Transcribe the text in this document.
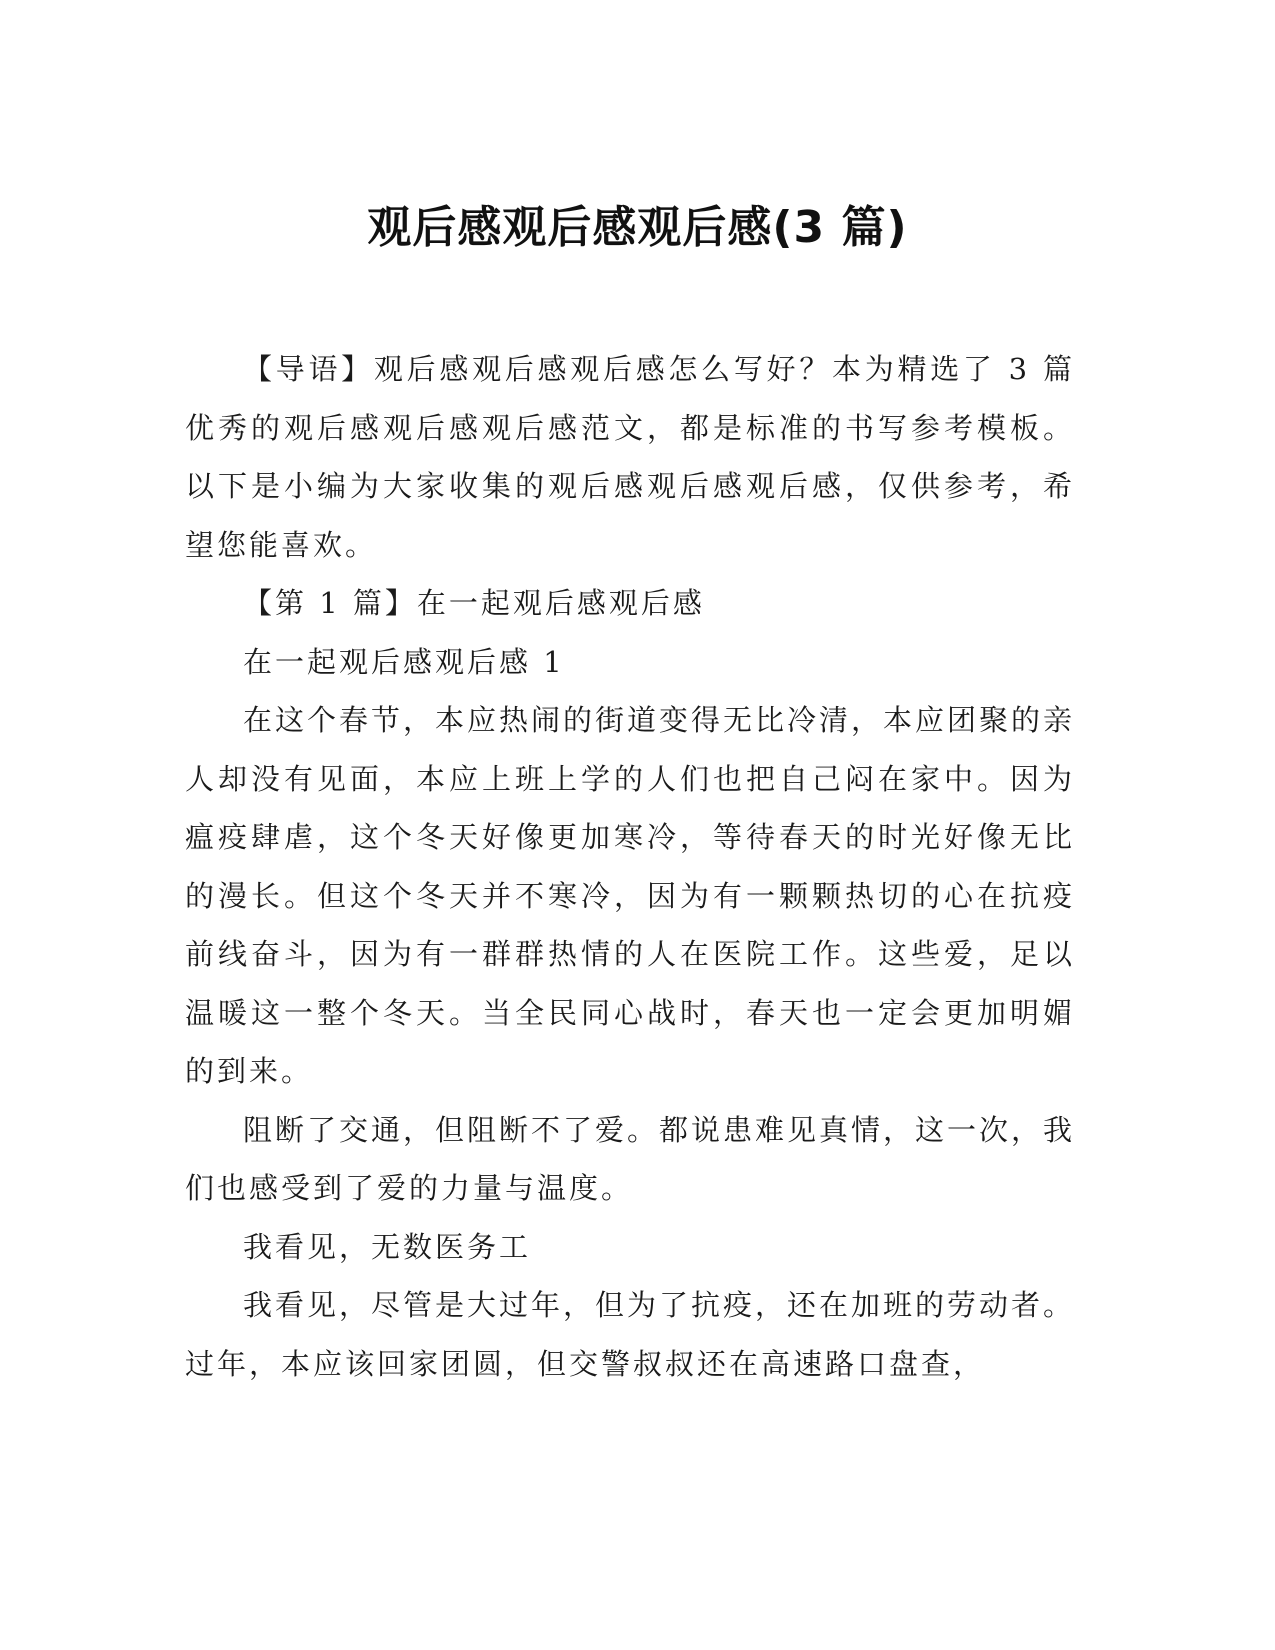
观后感观后感观后感(3 篇)

【导语】观后感观后感观后感怎么写好？本为精选了 3 篇优秀的观后感观后感观后感范文，都是标准的书写参考模板。以下是小编为大家收集的观后感观后感观后感，仅供参考，希望您能喜欢。

【第 1 篇】在一起观后感观后感

在一起观后感观后感 1

在这个春节，本应热闹的街道变得无比冷清，本应团聚的亲人却没有见面，本应上班上学的人们也把自己闷在家中。因为瘟疫肆虐，这个冬天好像更加寒冷，等待春天的时光好像无比的漫长。但这个冬天并不寒冷，因为有一颗颗热切的心在抗疫前线奋斗，因为有一群群热情的人在医院工作。这些爱，足以温暖这一整个冬天。当全民同心战时，春天也一定会更加明媚的到来。

阻断了交通，但阻断不了爱。都说患难见真情，这一次，我们也感受到了爱的力量与温度。

我看见，无数医务工

我看见，尽管是大过年，但为了抗疫，还在加班的劳动者。过年，本应该回家团圆，但交警叔叔还在高速路口盘查，
